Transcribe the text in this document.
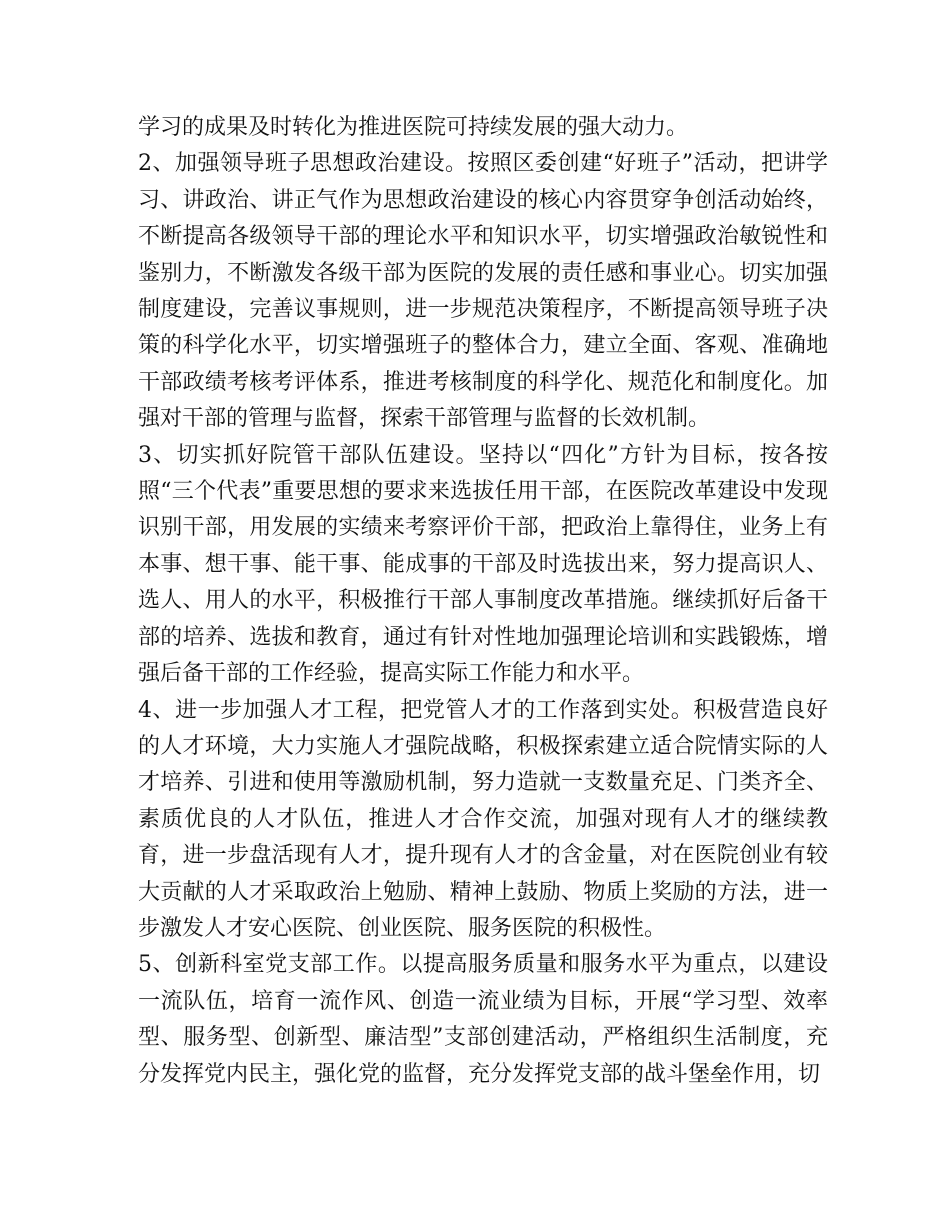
学习的成果及时转化为推进医院可持续发展的强大动力。

2、加强领导班子思想政治建设。按照区委创建“好班子”活动，把讲学习、讲政治、讲正气作为思想政治建设的核心内容贯穿争创活动始终，不断提高各级领导干部的理论水平和知识水平，切实增强政治敏锐性和鉴别力，不断激发各级干部为医院的发展的责任感和事业心。切实加强制度建设，完善议事规则，进一步规范决策程序，不断提高领导班子决策的科学化水平，切实增强班子的整体合力，建立全面、客观、准确地干部政绩考核考评体系，推进考核制度的科学化、规范化和制度化。加强对干部的管理与监督，探索干部管理与监督的长效机制。

3、切实抓好院管干部队伍建设。坚持以“四化”方针为目标，按各按照“三个代表”重要思想的要求来选拔任用干部，在医院改革建设中发现识别干部，用发展的实绩来考察评价干部，把政治上靠得住，业务上有本事、想干事、能干事、能成事的干部及时选拔出来，努力提高识人、选人、用人的水平，积极推行干部人事制度改革措施。继续抓好后备干部的培养、选拔和教育，通过有针对性地加强理论培训和实践锻炼，增强后备干部的工作经验，提高实际工作能力和水平。

4、进一步加强人才工程，把党管人才的工作落到实处。积极营造良好的人才环境，大力实施人才强院战略，积极探索建立适合院情实际的人才培养、引进和使用等激励机制，努力造就一支数量充足、门类齐全、素质优良的人才队伍，推进人才合作交流，加强对现有人才的继续教育，进一步盘活现有人才，提升现有人才的含金量，对在医院创业有较大贡献的人才采取政治上勉励、精神上鼓励、物质上奖励的方法，进一步激发人才安心医院、创业医院、服务医院的积极性。

5、创新科室党支部工作。以提高服务质量和服务水平为重点，以建设一流队伍，培育一流作风、创造一流业绩为目标，开展“学习型、效率型、服务型、创新型、廉洁型”支部创建活动，严格组织生活制度，充分发挥党内民主，强化党的监督，充分发挥党支部的战斗堡垒作用，切
